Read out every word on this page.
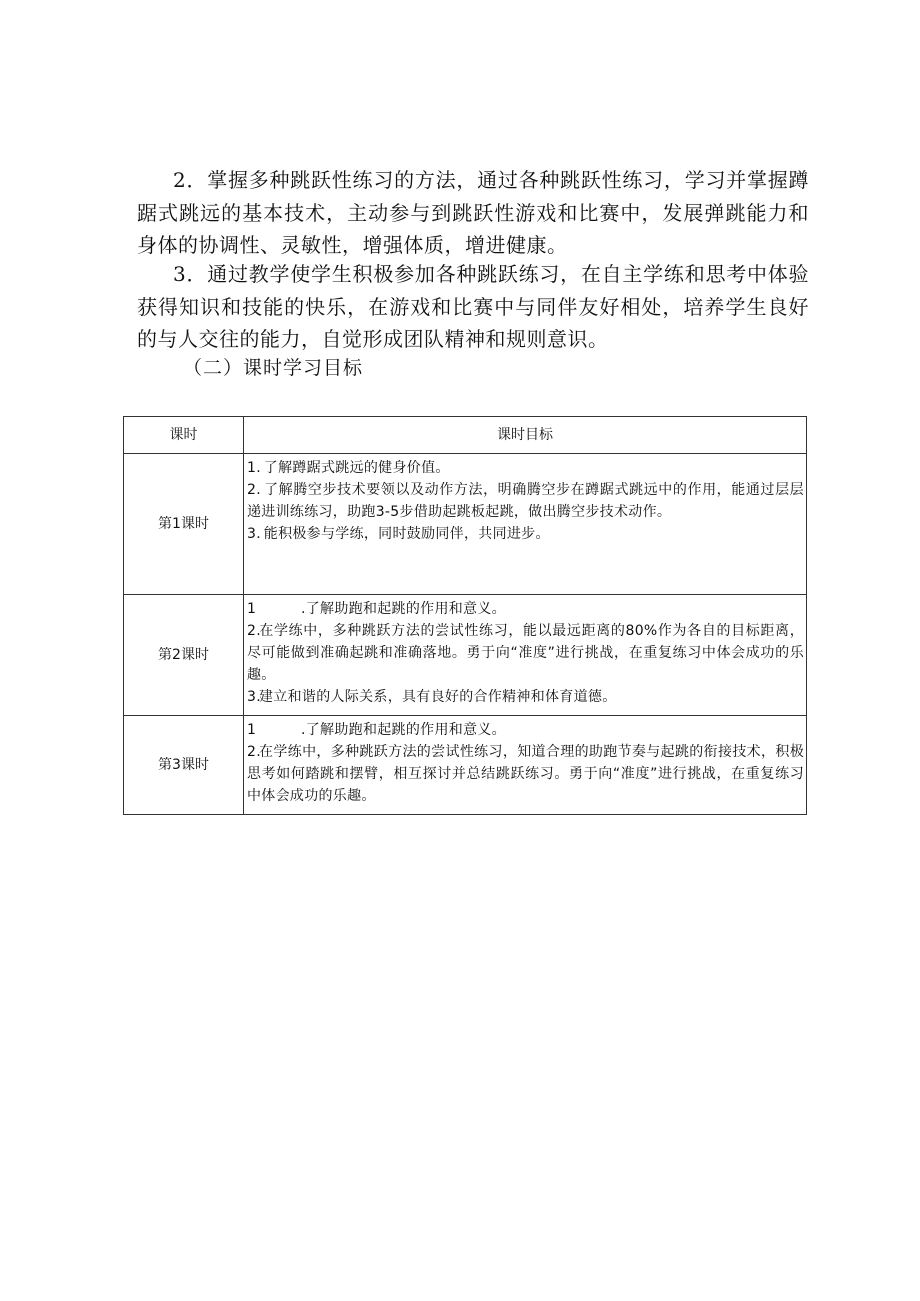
2．掌握多种跳跃性练习的方法，通过各种跳跃性练习，学习并掌握蹲踞式跳远的基本技术，主动参与到跳跃性游戏和比赛中，发展弹跳能力和身体的协调性、灵敏性，增强体质，增进健康。

3．通过教学使学生积极参加各种跳跃练习，在自主学练和思考中体验获得知识和技能的快乐，在游戏和比赛中与同伴友好相处，培养学生良好的与人交往的能力，自觉形成团队精神和规则意识。

（二）课时学习目标
课时	课时目标
第1课时	1. 了解蹲踞式跳远的健身价值。

2. 了解腾空步技术要领以及动作方法，明确腾空步在蹲踞式跳远中的作用，能通过层层递进训练练习，助跑3-5步借助起跳板起跳，做出腾空步技术动作。

3. 能积极参与学练，同时鼓励同伴，共同进步。

第2课时	1 .了解助跑和起跳的作用和意义。

2.在学练中，多种跳跃方法的尝试性练习，能以最远距离的80%作为各自的目标距离，尽可能做到准确起跳和准确落地。勇于向“准度”进行挑战，在重复练习中体会成功的乐趣。

3.建立和谐的人际关系，具有良好的合作精神和体育道德。

第3课时	1 .了解助跑和起跳的作用和意义。

2.在学练中，多种跳跃方法的尝试性练习，知道合理的助跑节奏与起跳的衔接技术，积极思考如何踏跳和摆臂，相互探讨并总结跳跃练习。勇于向“准度”进行挑战，在重复练习中体会成功的乐趣。
